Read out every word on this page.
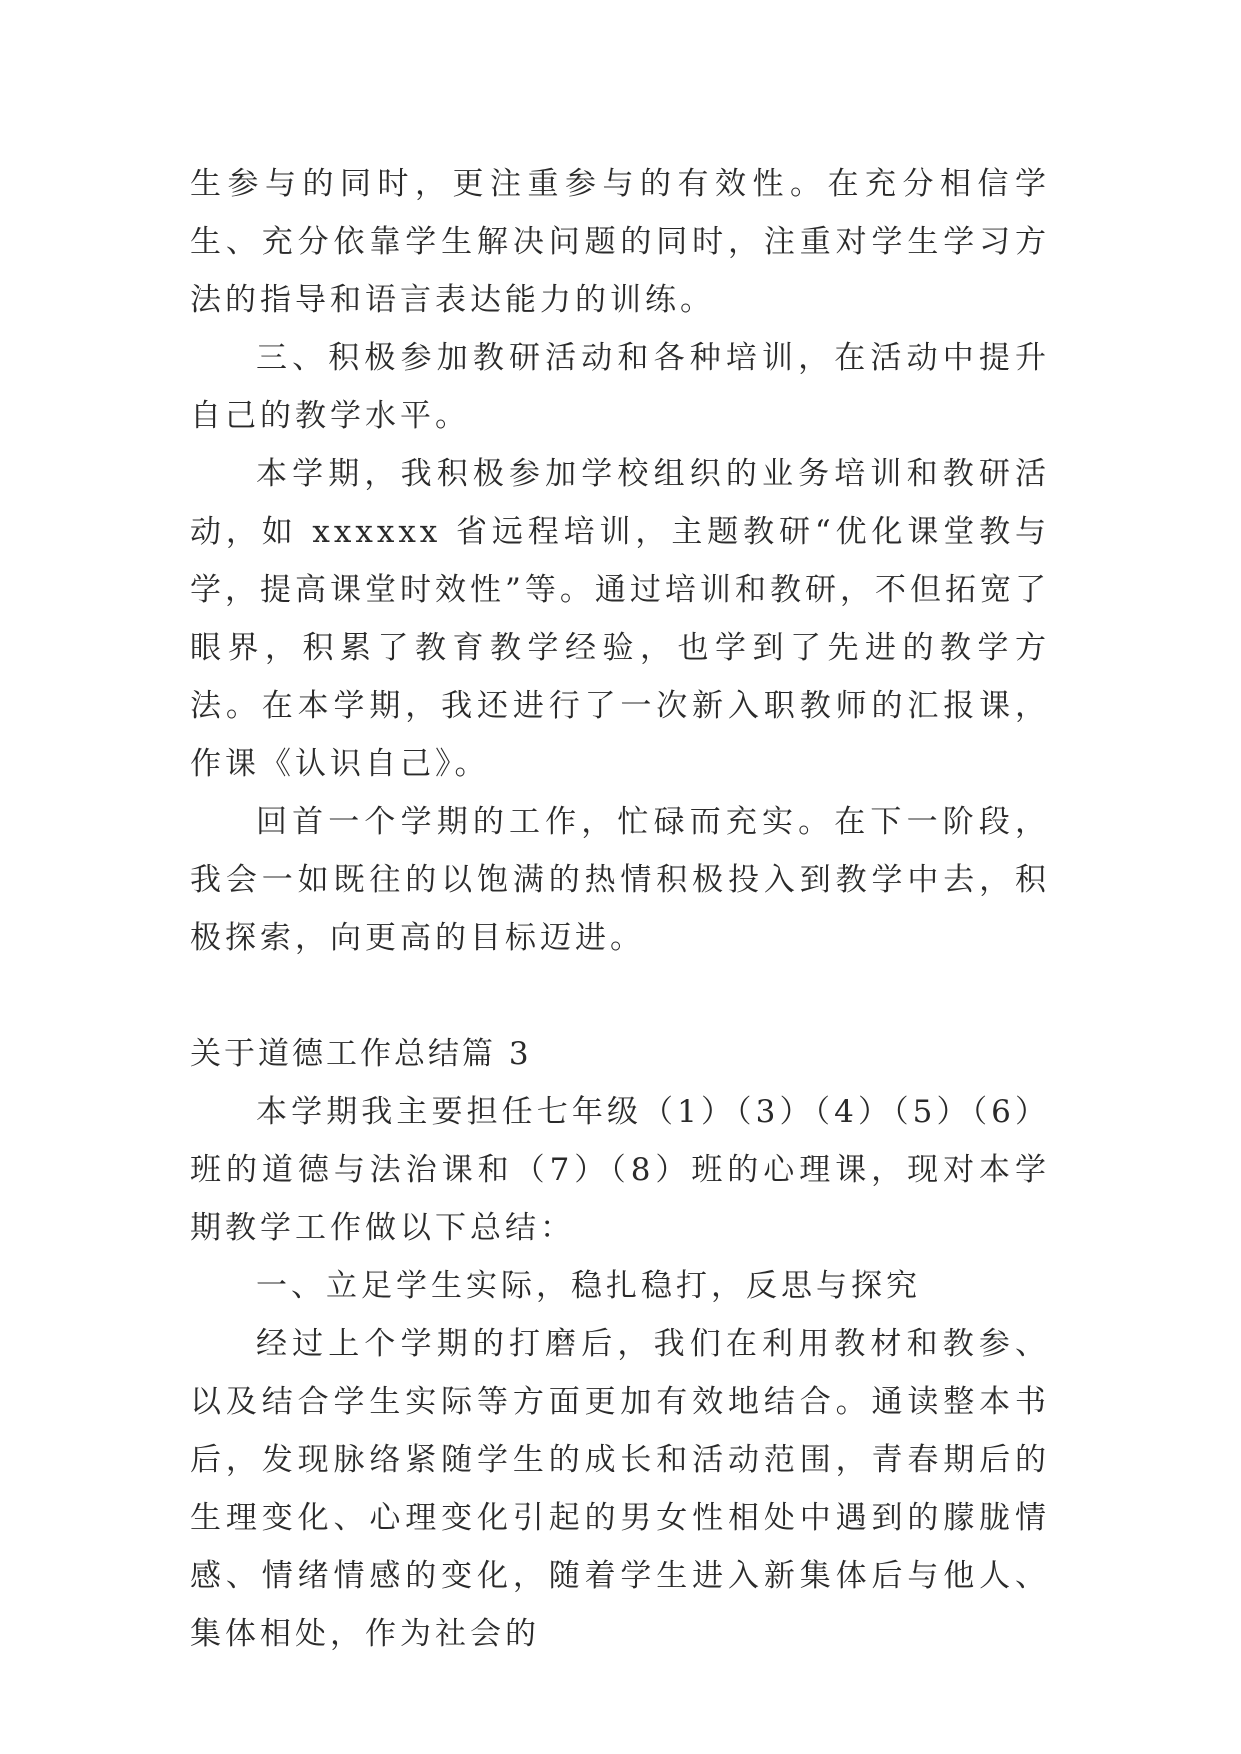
生参与的同时，更注重参与的有效性。在充分相信学生、充分依靠学生解决问题的同时，注重对学生学习方法的指导和语言表达能力的训练。

三、积极参加教研活动和各种培训，在活动中提升自己的教学水平。

本学期，我积极参加学校组织的业务培训和教研活动，如 xxxxxx 省远程培训，主题教研“优化课堂教与学，提高课堂时效性”等。通过培训和教研，不但拓宽了眼界，积累了教育教学经验，也学到了先进的教学方法。在本学期，我还进行了一次新入职教师的汇报课，作课《认识自己》。

回首一个学期的工作，忙碌而充实。在下一阶段，我会一如既往的以饱满的热情积极投入到教学中去，积极探索，向更高的目标迈进。

关于道德工作总结篇 3

本学期我主要担任七年级（1）（3）（4）（5）（6）班的道德与法治课和（7）（8）班的心理课，现对本学期教学工作做以下总结：

一、立足学生实际，稳扎稳打，反思与探究

经过上个学期的打磨后，我们在利用教材和教参、以及结合学生实际等方面更加有效地结合。通读整本书后，发现脉络紧随学生的成长和活动范围，青春期后的生理变化、心理变化引起的男女性相处中遇到的朦胧情感、情绪情感的变化，随着学生进入新集体后与他人、集体相处，作为社会的
